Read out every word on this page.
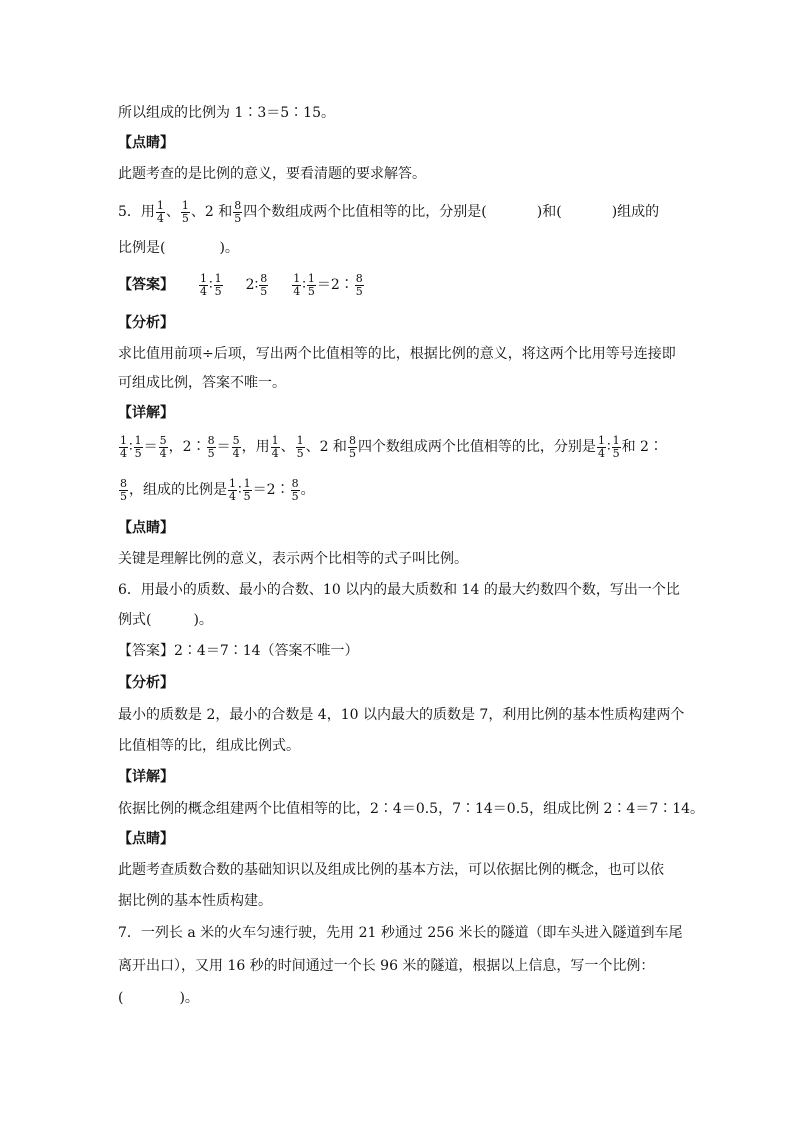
所以组成的比例为 1∶3＝5∶15。
【点睛】
此题考查的是比例的意义，要看清题的要求解答。
5．用 $\frac{1}{4}$ 、 $\frac{1}{5}$ 、2 和 $\frac{8}{5}$ 四个数组成两个比值相等的比，分别是(	)和(	)组成的
比例是(	)。
【答案】 $\frac{1}{4}$ ∶ $\frac{1}{5}$ 2∶ $\frac{8}{5} \frac{1}{4}$ ∶ $\frac{1}{5}$ ＝2∶ $\frac{8}{5}$
【分析】
求比值用前项÷后项，写出两个比值相等的比，根据比例的意义，将这两个比用等号连接即
可组成比例，答案不唯一。
【详解】
$\frac{1}{4}$ ∶ $\frac{1}{5} = \frac{5}{4}$ ，2∶ $\frac{8}{5} = \frac{5}{4}$ ，用 $\frac{1}{4}$ 、 $\frac{1}{5}$ 、2 和 $\frac{8}{5}$ 四个数组成两个比值相等的比，分别是 $\frac{1}{4}$ ∶ $\frac{1}{5}$ 和 2∶
$\frac{8}{5}$ ，组成的比例是 $\frac{1}{4}$ ∶ $\frac{1}{5}$ ＝2∶ $\frac{8}{5}$ 。
【点睛】
关键是理解比例的意义，表示两个比相等的式子叫比例。
6．用最小的质数、最小的合数、10 以内的最大质数和 14 的最大约数四个数，写出一个比
例式(　　　)。
【答案】2∶4＝7∶14（答案不唯一）
【分析】
最小的质数是 2，最小的合数是 4，10 以内最大的质数是 7，利用比例的基本性质构建两个
比值相等的比，组成比例式。
【详解】
依据比例的概念组建两个比值相等的比，2∶4＝0.5，7∶14＝0.5，组成比例 2∶4＝7∶14。
【点睛】
此题考查质数合数的基础知识以及组成比例的基本方法，可以依据比例的概念，也可以依
据比例的基本性质构建。
7．一列长 a 米的火车匀速行驶，先用 21 秒通过 256 米长的隧道（即车头进入隧道到车尾
离开出口），又用 16 秒的时间通过一个长 96 米的隧道，根据以上信息，写一个比例：
(　　　　)。
